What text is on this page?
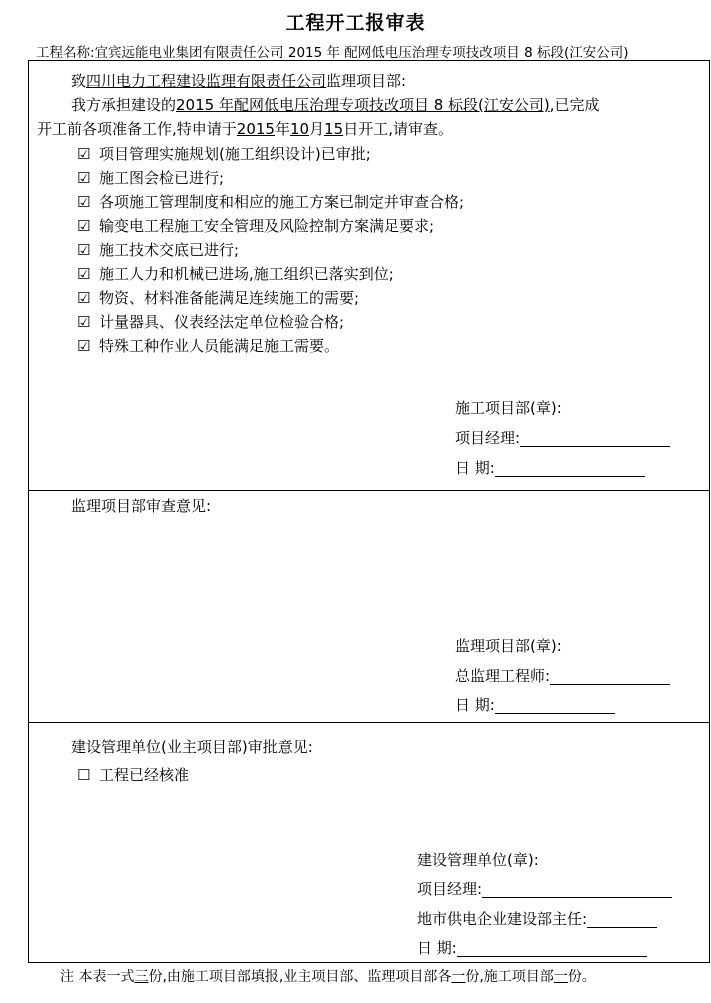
工程开工报审表
工程名称:宜宾远能电业集团有限责任公司 2015 年 配网低电压治理专项技改项目 8 标段(江安公司)
致四川电力工程建设监理有限责任公司监理项目部:
我方承担建设的2015 年配网低电压治理专项技改项目 8 标段(江安公司),已完成
开工前各项准备工作,特申请于2015年10月15日开工,请审查。
☑ 项目管理实施规划(施工组织设计)已审批;
☑ 施工图会检已进行;
☑ 各项施工管理制度和相应的施工方案已制定并审查合格;
☑ 输变电工程施工安全管理及风险控制方案满足要求;
☑ 施工技术交底已进行;
☑ 施工人力和机械已进场,施工组织已落实到位;
☑ 物资、材料准备能满足连续施工的需要;
☑ 计量器具、仪表经法定单位检验合格;
☑ 特殊工种作业人员能满足施工需要。
施工项目部(章):
项目经理:
日 期:
监理项目部审查意见:
监理项目部(章):
总监理工程师:
日 期:
建设管理单位(业主项目部)审批意见:
☐ 工程已经核准
建设管理单位(章):
项目经理:
地市供电企业建设部主任:
日 期:
注 本表一式三份,由施工项目部填报,业主项目部、监理项目部各一份,施工项目部一份。
